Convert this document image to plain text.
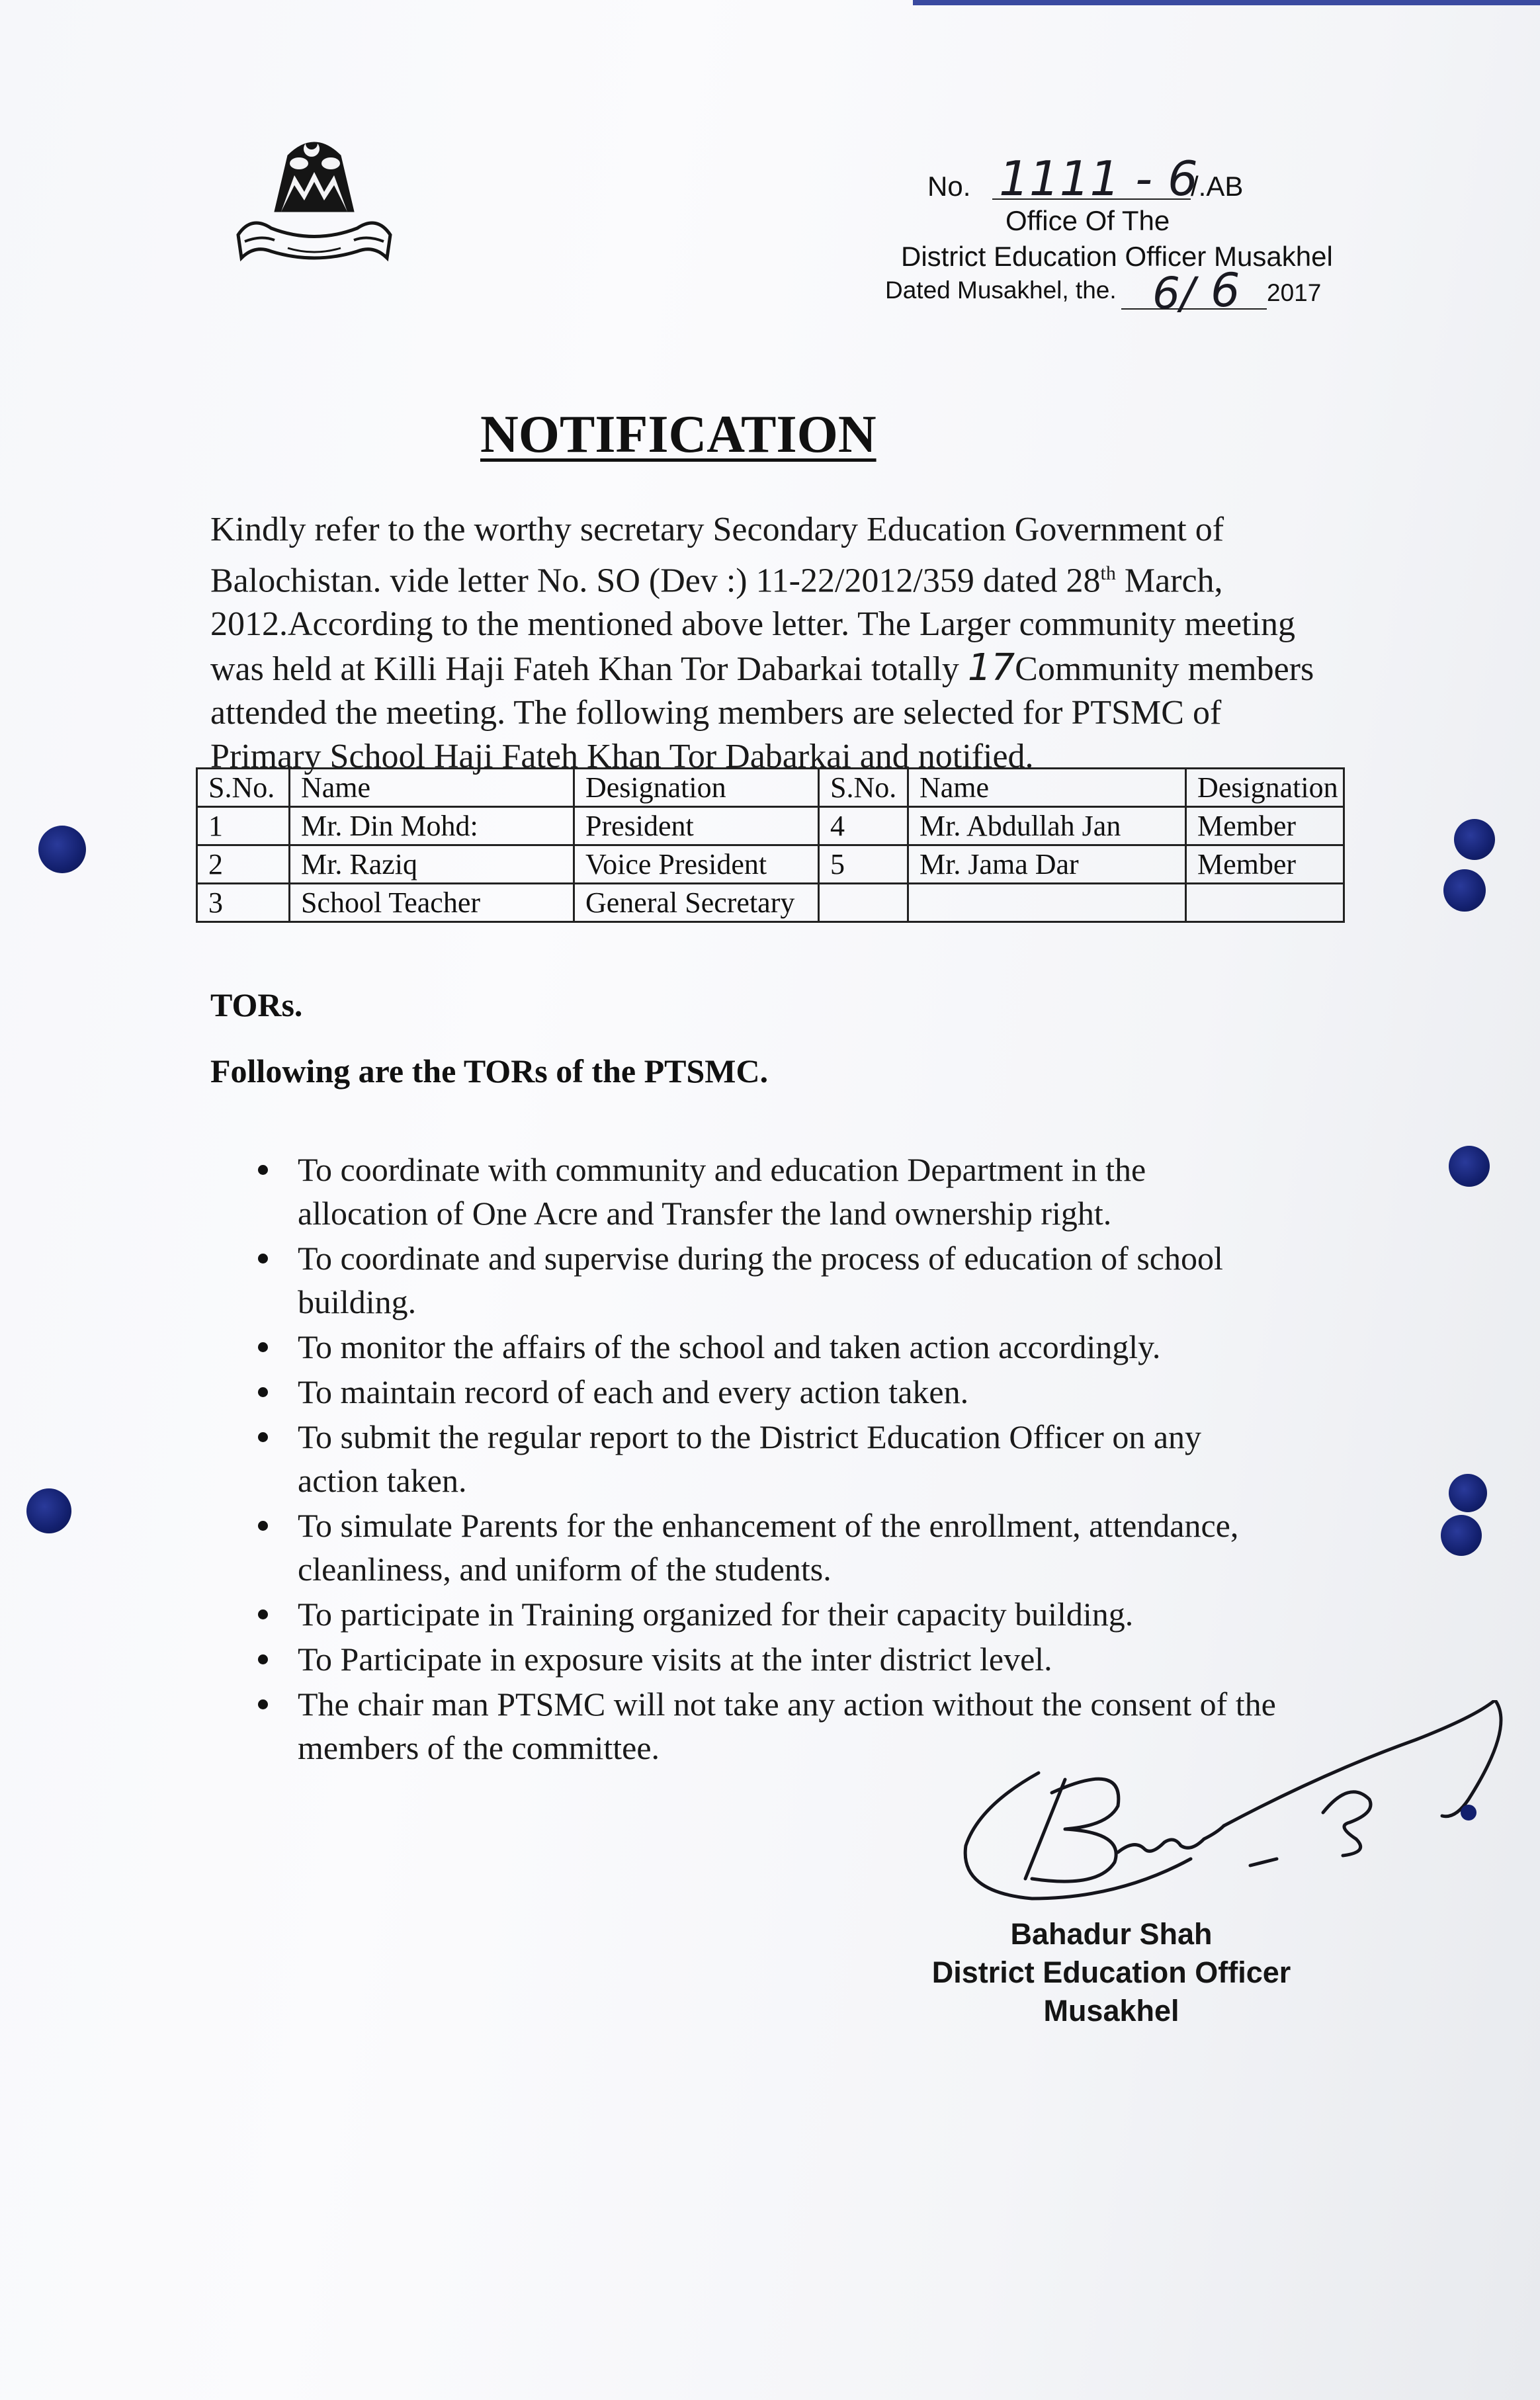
No. 1111 - 6
/.AB
Office Of The
District Education Officer Musakhel
Dated Musakhel, the. 6/ 6 2017
NOTIFICATION
Kindly refer to the worthy secretary Secondary Education Government of
Balochistan. vide letter No. SO (Dev :) 11-22/2012/359 dated 28th March,
2012.According to the mentioned above letter. The Larger community meeting
was held at Killi Haji Fateh Khan Tor Dabarkai totally 17Community members
attended the meeting. The following members are selected for PTSMC of
Primary School Haji Fateh Khan Tor Dabarkai and notified.
S.No.	Name	Designation	S.No.	Name	Designation
1	Mr. Din Mohd:	President	4	Mr. Abdullah Jan	Member
2	Mr. Raziq	Voice President	5	Mr. Jama Dar	Member
3	School Teacher	General Secretary			
TORs.
Following are the TORs of the PTSMC.
To coordinate with community and education Department in the
allocation of One Acre and Transfer the land ownership right.
To coordinate and supervise during the process of education of school
building.
To monitor the affairs of the school and taken action accordingly.
To maintain record of each and every action taken.
To submit the regular report to the District Education Officer on any
action taken.
To simulate Parents for the enhancement of the enrollment, attendance,
cleanliness, and uniform of the students.
To participate in Training organized for their capacity building.
To Participate in exposure visits at the inter district level.
The chair man PTSMC will not take any action without the consent of the
members of the committee.
Bahadur Shah
District Education Officer
Musakhel
